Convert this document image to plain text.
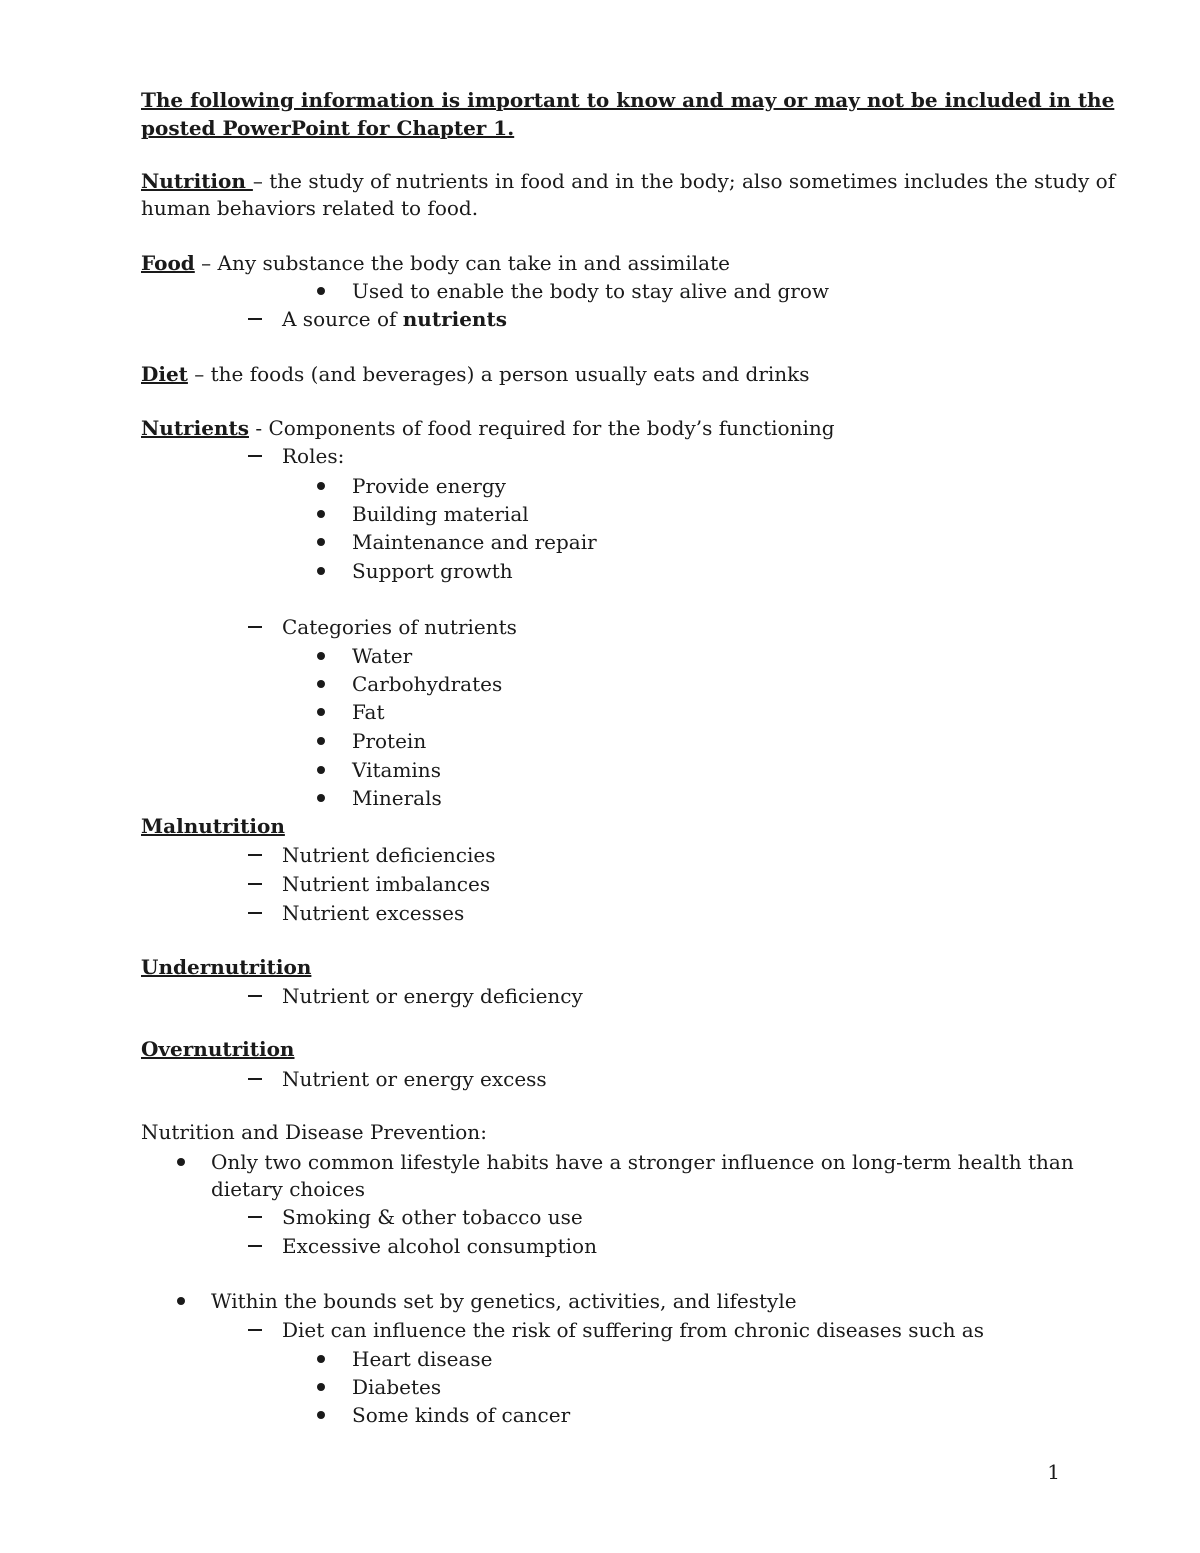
The following information is important to know and may or may not be included in the
posted PowerPoint for Chapter 1.
Nutrition – the study of nutrients in food and in the body; also sometimes includes the study of
human behaviors related to food.
Food – Any substance the body can take in and assimilate
Used to enable the body to stay alive and grow
A source of nutrients
Diet – the foods (and beverages) a person usually eats and drinks
Nutrients - Components of food required for the body’s functioning
Roles:
Provide energy
Building material
Maintenance and repair
Support growth
Categories of nutrients
Water
Carbohydrates
Fat
Protein
Vitamins
Minerals
Malnutrition
Nutrient deficiencies
Nutrient imbalances
Nutrient excesses
Undernutrition
Nutrient or energy deficiency
Overnutrition
Nutrient or energy excess
Nutrition and Disease Prevention:
Only two common lifestyle habits have a stronger influence on long-term health than
dietary choices
Smoking & other tobacco use
Excessive alcohol consumption
Within the bounds set by genetics, activities, and lifestyle
Diet can influence the risk of suffering from chronic diseases such as
Heart disease
Diabetes
Some kinds of cancer
1
